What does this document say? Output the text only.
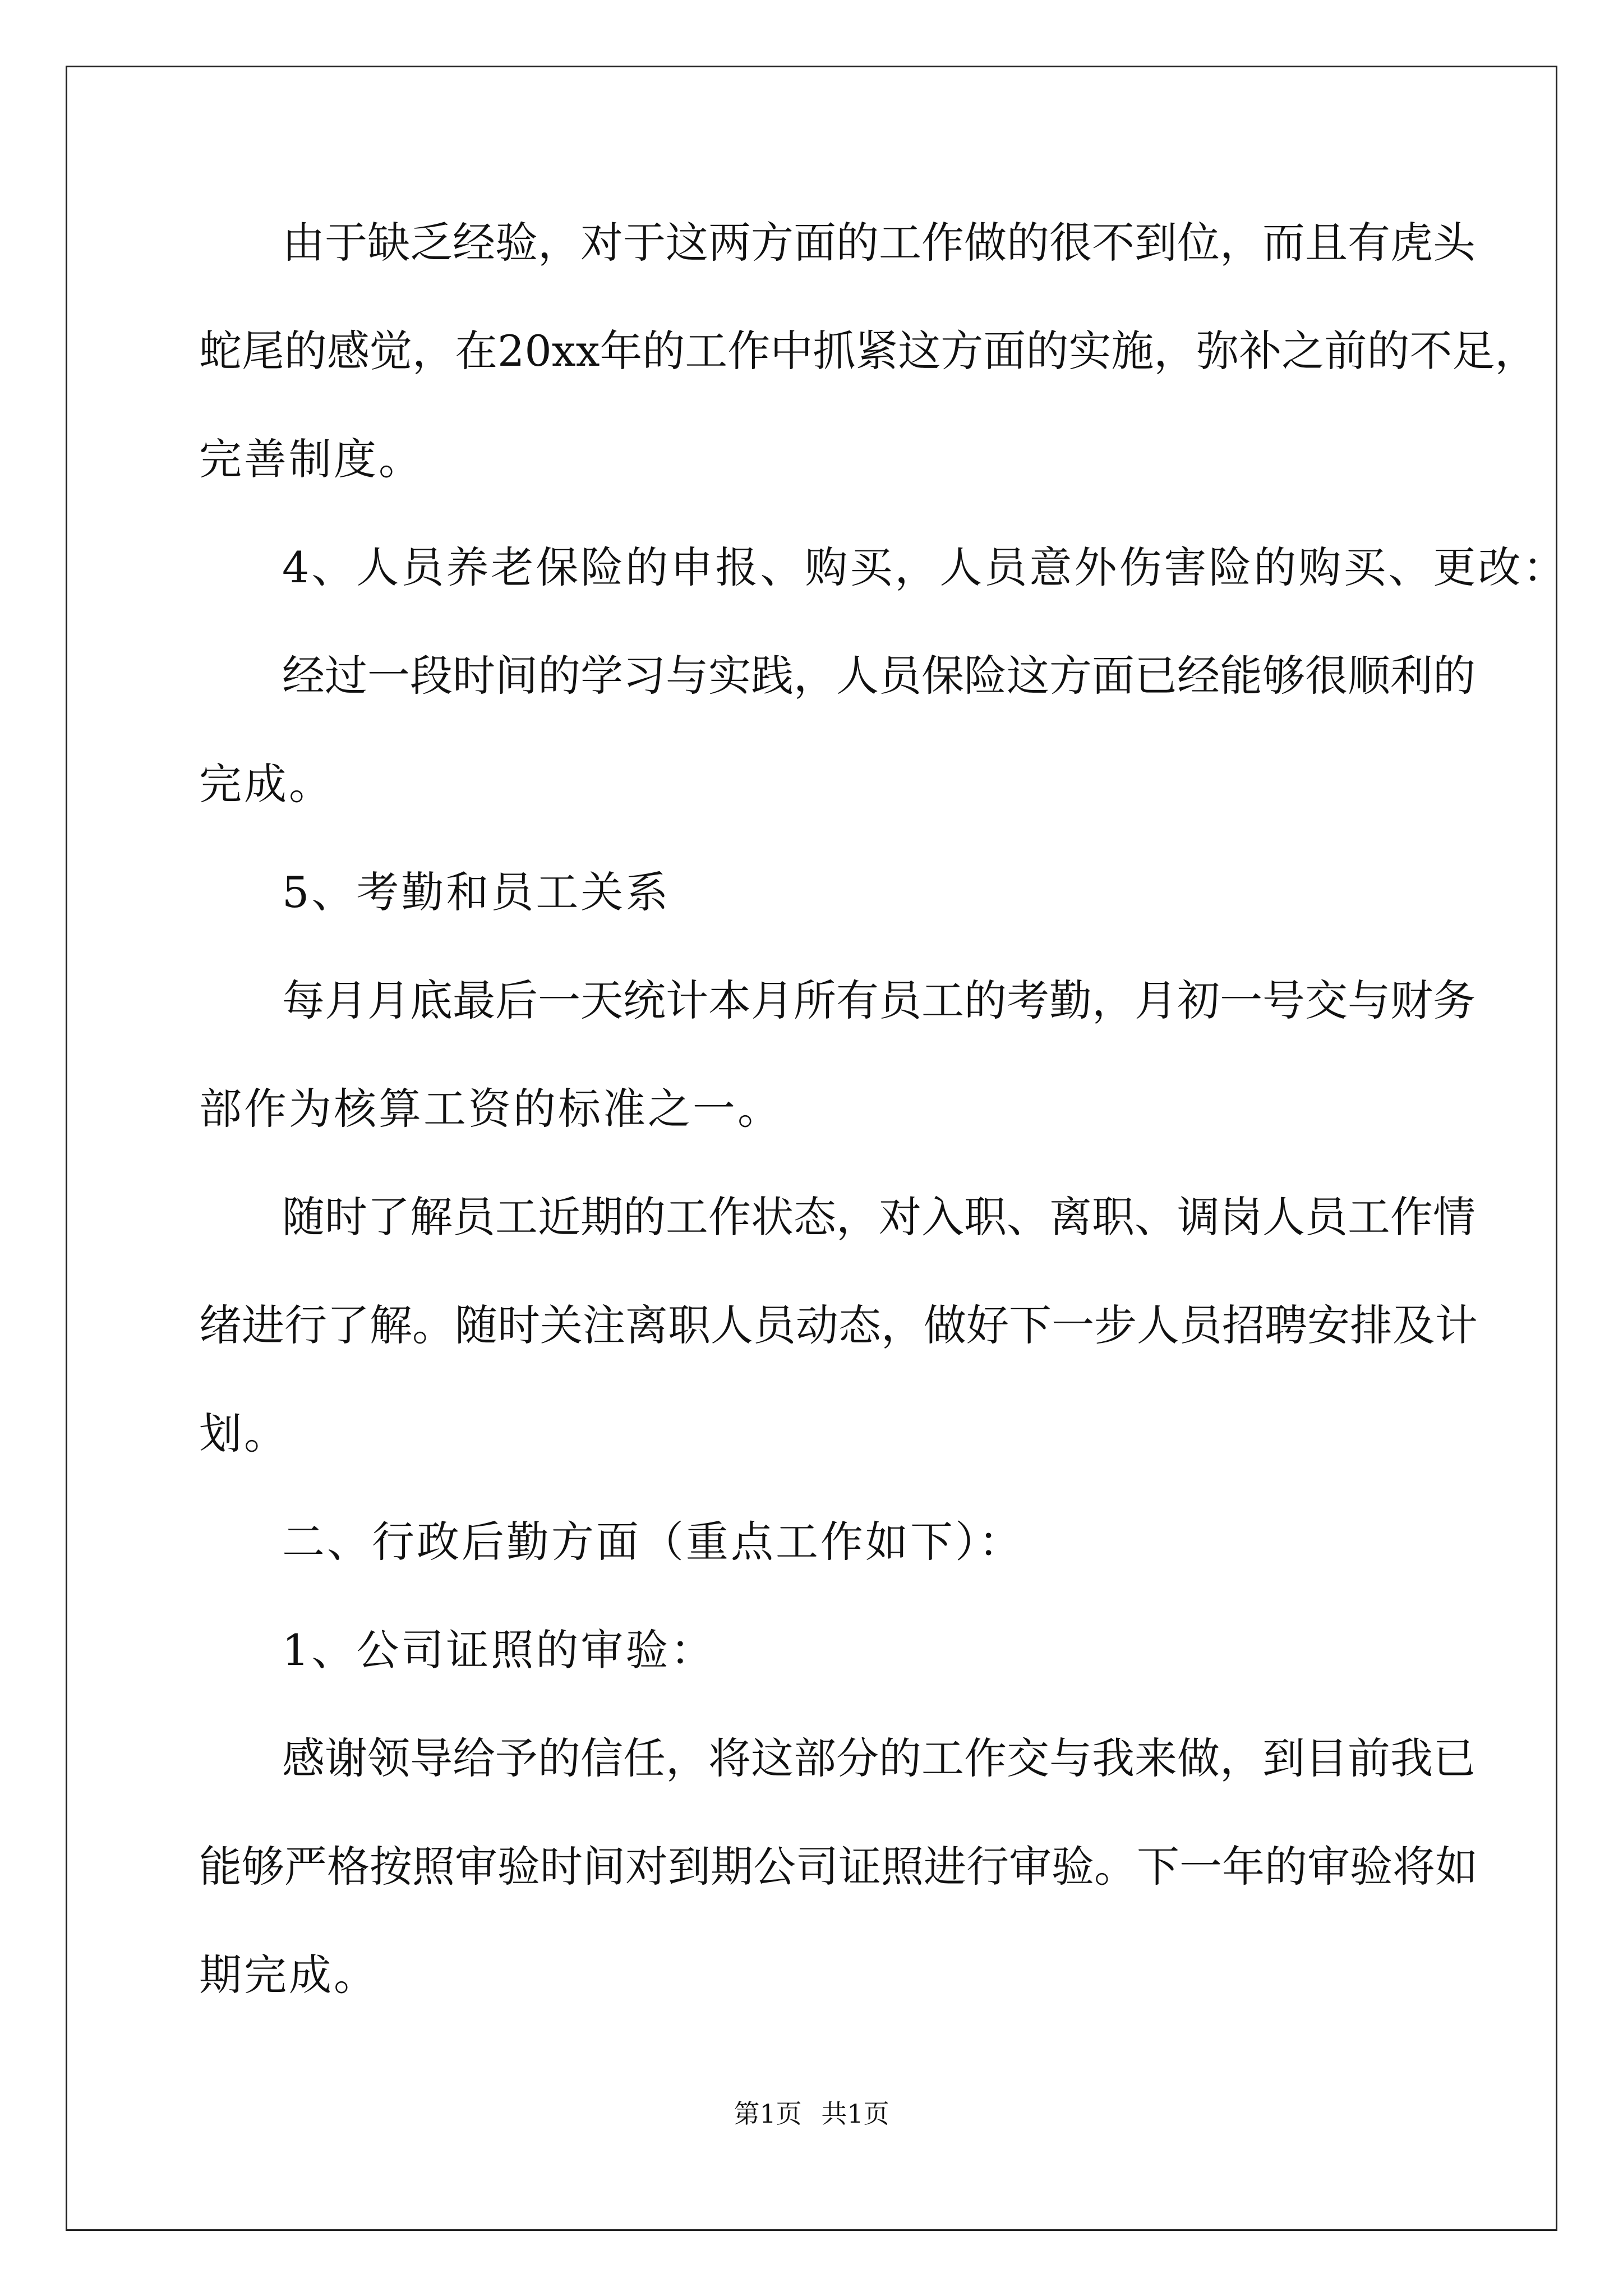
由于缺乏经验，对于这两方面的工作做的很不到位，而且有虎头
蛇尾的感觉，在20xx年的工作中抓紧这方面的实施，弥补之前的不足，
完善制度。
4、人员养老保险的申报、购买，人员意外伤害险的购买、更改：
经过一段时间的学习与实践，人员保险这方面已经能够很顺利的
完成。
5、考勤和员工关系
每月月底最后一天统计本月所有员工的考勤，月初一号交与财务
部作为核算工资的标准之一。
随时了解员工近期的工作状态，对入职、离职、调岗人员工作情
绪进行了解。随时关注离职人员动态，做好下一步人员招聘安排及计
划。
二、行政后勤方面（重点工作如下）：
1、公司证照的审验：
感谢领导给予的信任，将这部分的工作交与我来做，到目前我已
能够严格按照审验时间对到期公司证照进行审验。下一年的审验将如
期完成。
第1页 共1页
